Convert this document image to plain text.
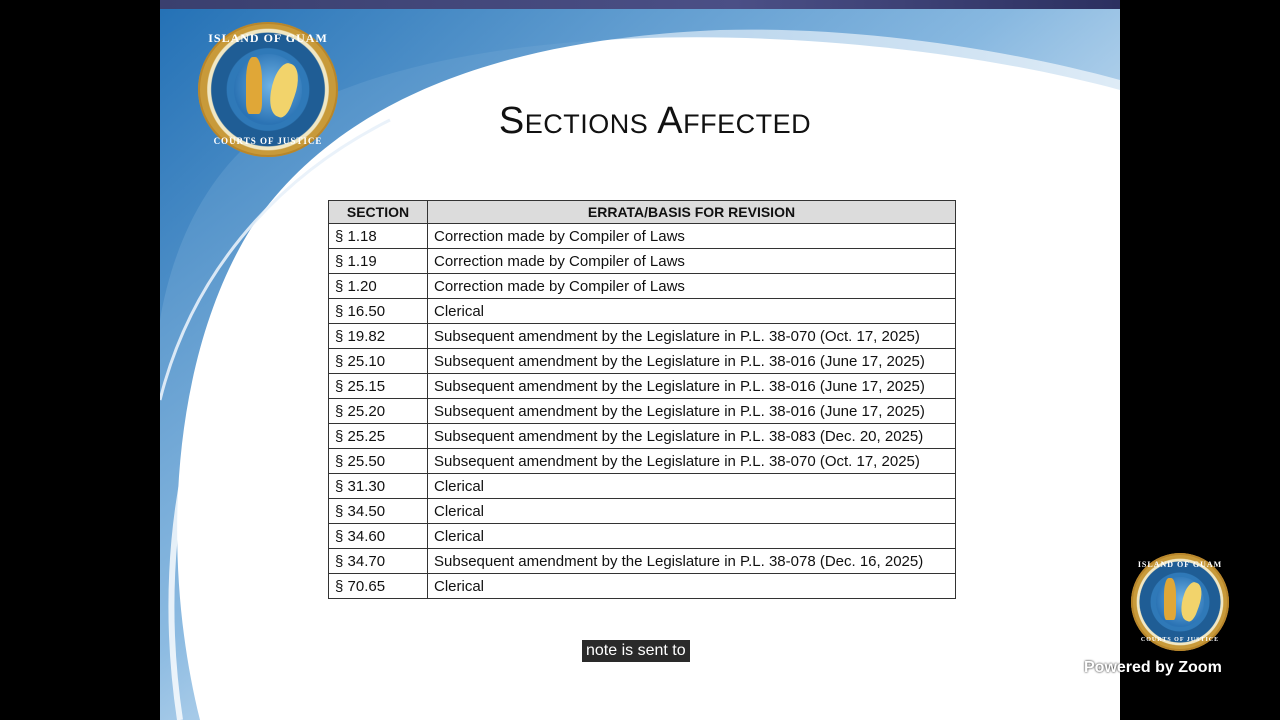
ISLAND OF GUAM
COURTS OF JUSTICE	Sections Affected
SECTION	ERRATA/BASIS FOR REVISION
§ 1.18	Correction made by Compiler of Laws
§ 1.19	Correction made by Compiler of Laws
§ 1.20	Correction made by Compiler of Laws
§ 16.50	Clerical
§ 19.82	Subsequent amendment by the Legislature in P.L. 38-070 (Oct. 17, 2025)
§ 25.10	Subsequent amendment by the Legislature in P.L. 38-016 (June 17, 2025)
§ 25.15	Subsequent amendment by the Legislature in P.L. 38-016 (June 17, 2025)
§ 25.20	Subsequent amendment by the Legislature in P.L. 38-016 (June 17, 2025)
§ 25.25	Subsequent amendment by the Legislature in P.L. 38-083 (Dec. 20, 2025)
§ 25.50	Subsequent amendment by the Legislature in P.L. 38-070 (Oct. 17, 2025)
§ 31.30	Clerical
§ 34.50	Clerical
§ 34.60	Clerical
§ 34.70	Subsequent amendment by the Legislature in P.L. 38-078 (Dec. 16, 2025)
§ 70.65	Clerical
note is sent to
ISLAND OF GUAM
COURTS OF JUSTICE
Powered by Zoom
